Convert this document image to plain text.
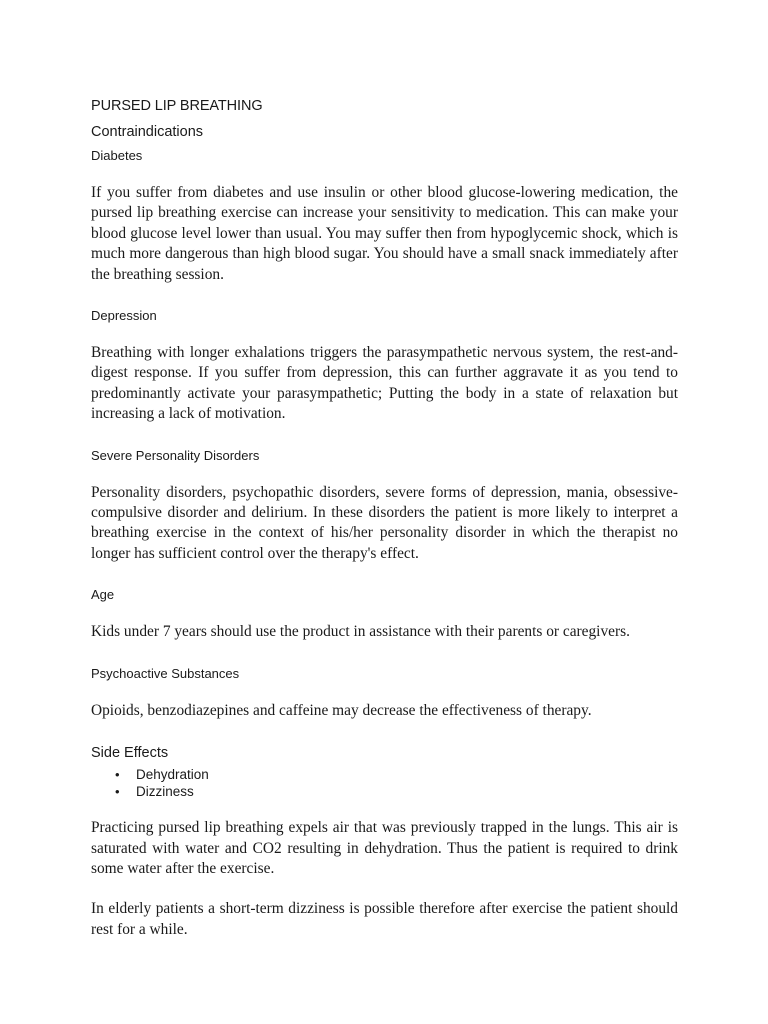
PURSED LIP BREATHING
Contraindications
Diabetes

If you suffer from diabetes and use insulin or other blood glucose-lowering medication, the pursed lip breathing exercise can increase your sensitivity to medication. This can make your blood glucose level lower than usual. You may suffer then from hypoglycemic shock, which is much more dangerous than high blood sugar. You should have a small snack immediately after the breathing session.

Depression

Breathing with longer exhalations triggers the parasympathetic nervous system, the rest-and-digest response. If you suffer from depression, this can further aggravate it as you tend to predominantly activate your parasympathetic; Putting the body in a state of relaxation but increasing a lack of motivation.

Severe Personality Disorders

Personality disorders, psychopathic disorders, severe forms of depression, mania, obsessive-compulsive disorder and delirium. In these disorders the patient is more likely to interpret a breathing exercise in the context of his/her personality disorder in which the therapist no longer has sufficient control over the therapy's effect.

Age

Kids under 7 years should use the product in assistance with their parents or caregivers.

Psychoactive Substances

Opioids, benzodiazepines and caffeine may decrease the effectiveness of therapy.

Side Effects
• Dehydration
• Dizziness

Practicing pursed lip breathing expels air that was previously trapped in the lungs. This air is saturated with water and CO2 resulting in dehydration. Thus the patient is required to drink some water after the exercise.

In elderly patients a short-term dizziness is possible therefore after exercise the patient should rest for a while.
